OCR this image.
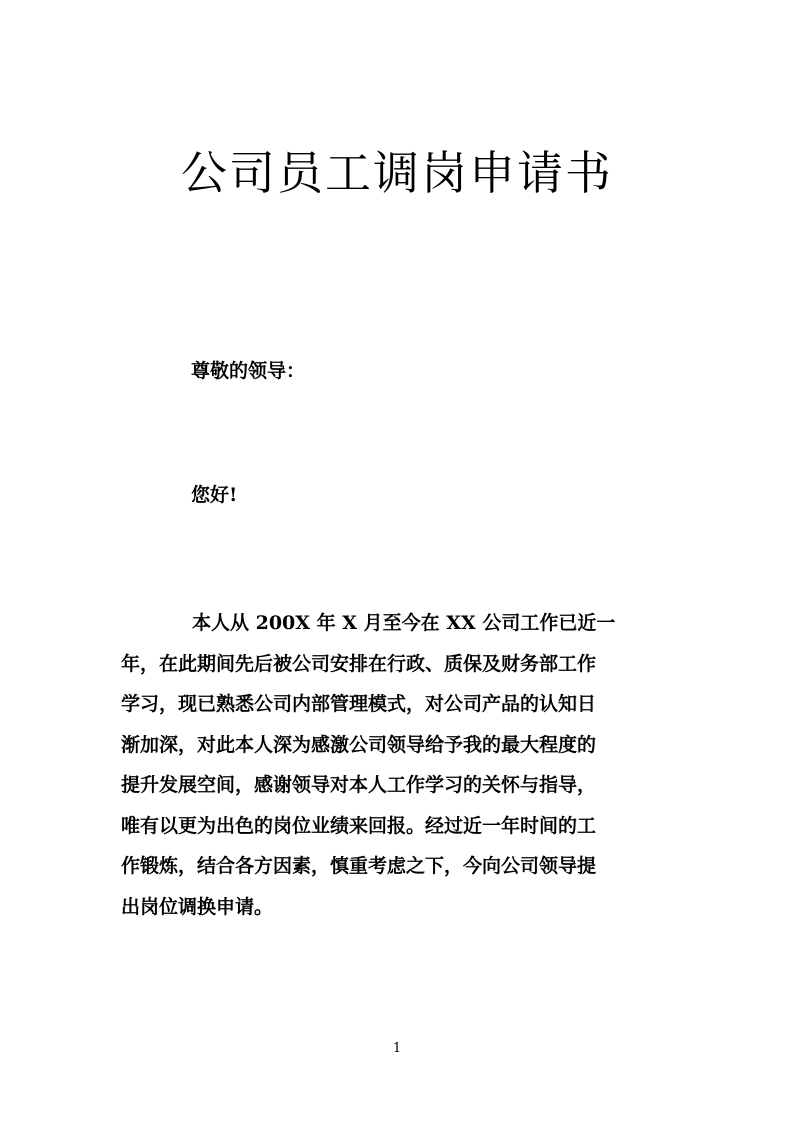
公司员工调岗申请书
尊敬的领导：
您好!
本人从 200X 年 X 月至今在 XX 公司工作已近一
年，在此期间先后被公司安排在行政、质保及财务部工作
学习，现已熟悉公司内部管理模式，对公司产品的认知日
渐加深，对此本人深为感激公司领导给予我的最大程度的
提升发展空间，感谢领导对本人工作学习的关怀与指导，
唯有以更为出色的岗位业绩来回报。经过近一年时间的工
作锻炼，结合各方因素，慎重考虑之下，今向公司领导提
出岗位调换申请。
1
